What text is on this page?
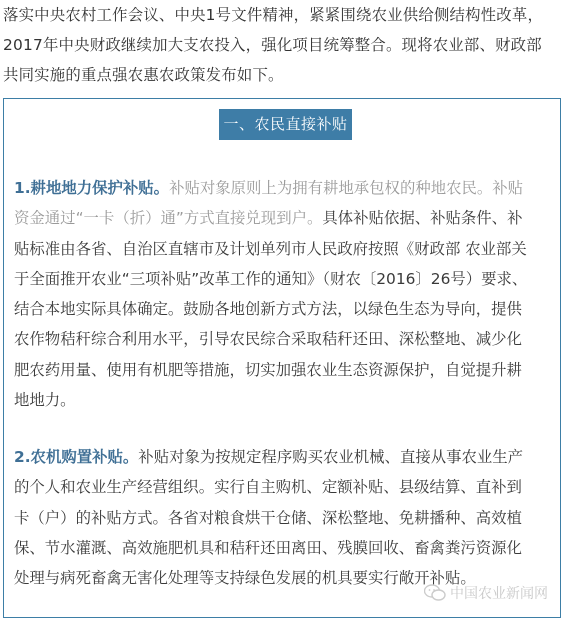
落实中央农村工作会议、中央1号文件精神，紧紧围绕农业供给侧结构性改革，

2017年中央财政继续加大支农投入，强化项目统筹整合。现将农业部、财政部

共同实施的重点强农惠农政策发布如下。

一、农民直接补贴

1.耕地地力保护补贴。补贴对象原则上为拥有耕地承包权的种地农民。补贴

资金通过“一卡（折）通”方式直接兑现到户。具体补贴依据、补贴条件、补

贴标准由各省、自治区直辖市及计划单列市人民政府按照《财政部 农业部关

于全面推开农业“三项补贴”改革工作的通知》（财农〔2016〕26号）要求、

结合本地实际具体确定。鼓励各地创新方式方法，以绿色生态为导向，提供

农作物秸秆综合利用水平，引导农民综合采取秸秆还田、深松整地、减少化

肥农药用量、使用有机肥等措施，切实加强农业生态资源保护，自觉提升耕

地地力。

2.农机购置补贴。补贴对象为按规定程序购买农业机械、直接从事农业生产

的个人和农业生产经营组织。实行自主购机、定额补贴、县级结算、直补到

卡（户）的补贴方式。各省对粮食烘干仓储、深松整地、免耕播种、高效植

保、节水灌溉、高效施肥机具和秸秆还田离田、残膜回收、畜禽粪污资源化

处理与病死畜禽无害化处理等支持绿色发展的机具要实行敞开补贴。

中国农业新闻网
